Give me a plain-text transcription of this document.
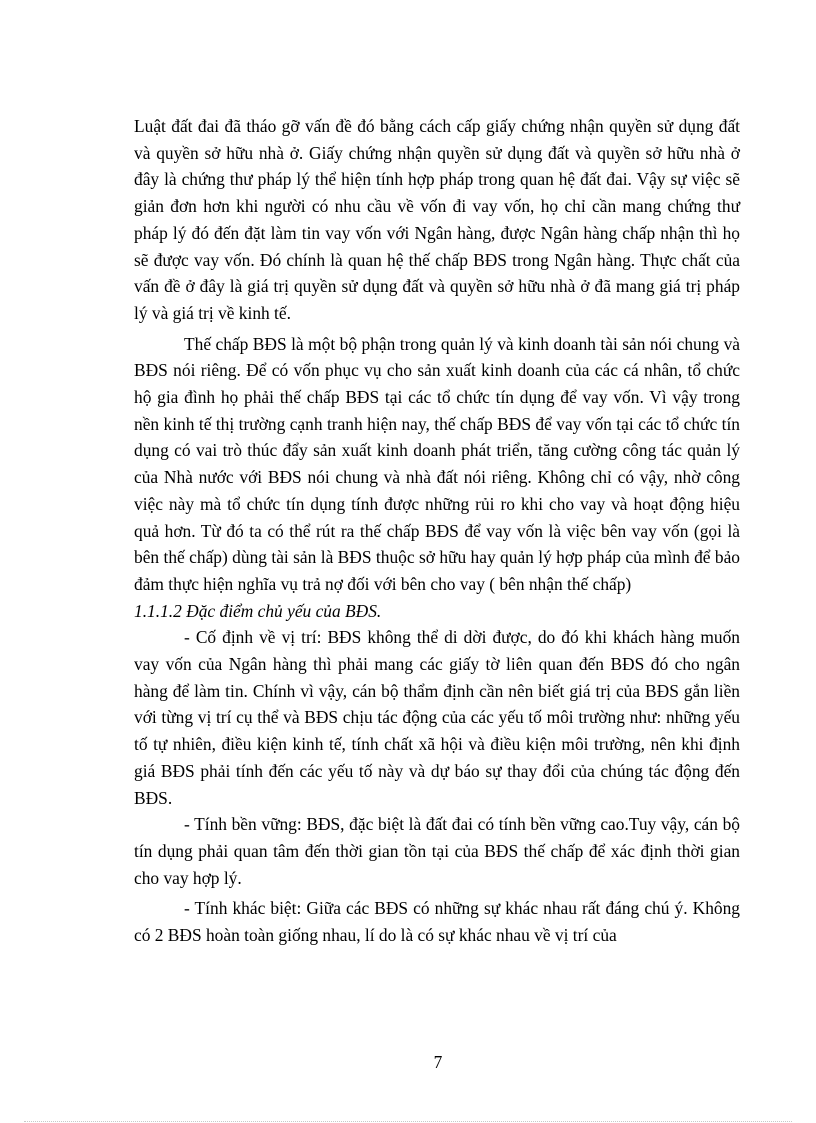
Luật đất đai đã tháo gỡ vấn đề đó bằng cách cấp giấy chứng nhận quyền sử dụng đất và quyền sở hữu nhà ở. Giấy chứng nhận quyền sử dụng đất và quyền sở hữu nhà ở đây là chứng thư pháp lý thể hiện tính hợp pháp trong quan hệ đất đai. Vậy sự việc sẽ giản đơn hơn khi người có nhu cầu về vốn đi vay vốn, họ chỉ cần mang chứng thư pháp lý đó đến đặt làm tin vay vốn với Ngân hàng, được Ngân hàng chấp nhận thì họ sẽ được vay vốn. Đó chính là quan hệ thế chấp BĐS trong Ngân hàng. Thực chất của vấn đề ở đây là giá trị quyền sử dụng đất và quyền sở hữu nhà ở đã mang giá trị pháp lý và giá trị về kinh tế.

Thế chấp BĐS là một bộ phận trong quản lý và kinh doanh tài sản nói chung và BĐS nói riêng. Để có vốn phục vụ cho sản xuất kinh doanh của các cá nhân, tổ chức hộ gia đình họ phải thế chấp BĐS tại các tổ chức tín dụng để vay vốn. Vì vậy trong nền kinh tế thị trường cạnh tranh hiện nay, thế chấp BĐS để vay vốn tại các tổ chức tín dụng có vai trò thúc đẩy sản xuất kinh doanh phát triển, tăng cường công tác quản lý của Nhà nước với BĐS nói chung và nhà đất nói riêng. Không chỉ có vậy, nhờ công việc này mà tổ chức tín dụng tính được những rủi ro khi cho vay và hoạt động hiệu quả hơn. Từ đó ta có thể rút ra thế chấp BĐS để vay vốn là việc bên vay vốn (gọi là bên thế chấp) dùng tài sản là BĐS thuộc sở hữu hay quản lý hợp pháp của mình để bảo đảm thực hiện nghĩa vụ trả nợ đối với bên cho vay ( bên nhận thế chấp)

1.1.1.2 Đặc điểm chủ yếu của BĐS.

- Cố định về vị trí: BĐS không thể di dời được, do đó khi khách hàng muốn vay vốn của Ngân hàng thì phải mang các giấy tờ liên quan đến BĐS đó cho ngân hàng để làm tin. Chính vì vậy, cán bộ thẩm định cần nên biết giá trị của BĐS gắn liền với từng vị trí cụ thể và BĐS chịu tác động của các yếu tố môi trường như: những yếu tố tự nhiên, điều kiện kinh tế, tính chất xã hội và điều kiện môi trường, nên khi định giá BĐS phải tính đến các yếu tố này và dự báo sự thay đổi của chúng tác động đến BĐS.

- Tính bền vững: BĐS, đặc biệt là đất đai có tính bền vững cao.Tuy vậy, cán bộ tín dụng phải quan tâm đến thời gian tồn tại của BĐS thế chấp để xác định thời gian cho vay hợp lý.

- Tính khác biệt: Giữa các BĐS có những sự khác nhau rất đáng chú ý. Không có 2 BĐS hoàn toàn giống nhau, lí do là có sự khác nhau về vị trí của

7
